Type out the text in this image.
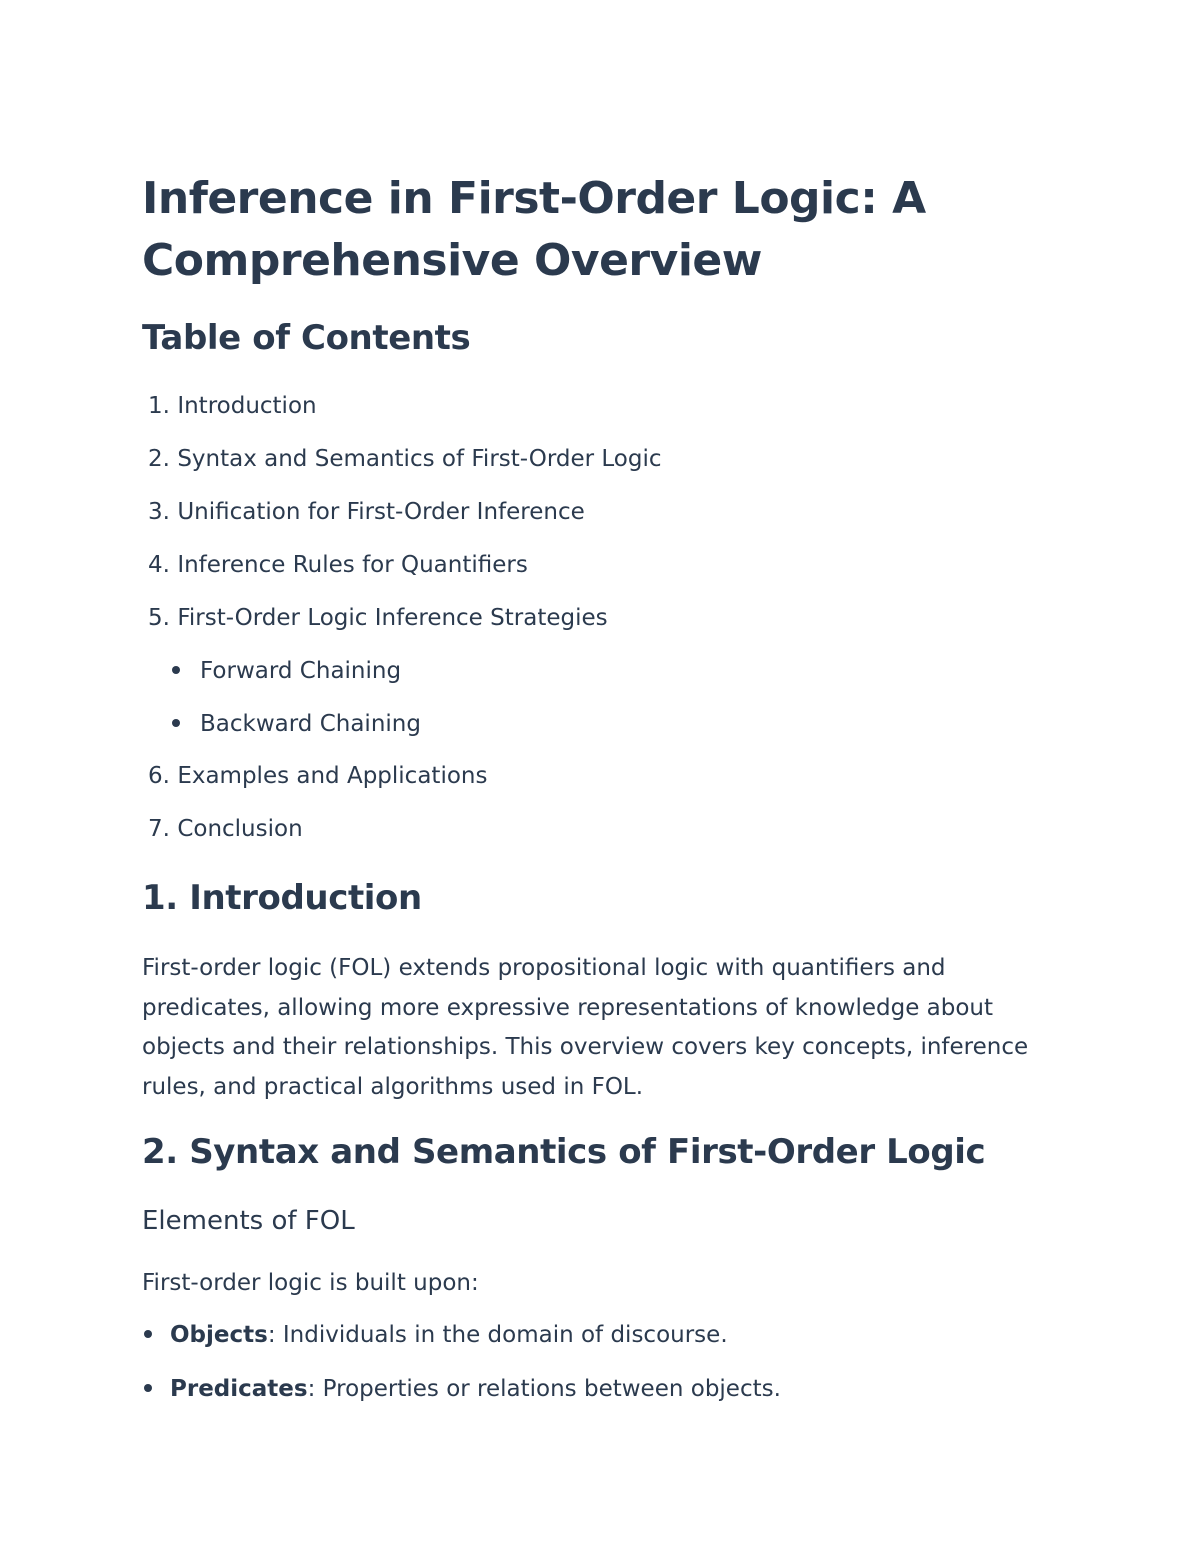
Inference in First-Order Logic: A Comprehensive Overview
Table of Contents
1. Introduction
2. Syntax and Semantics of First-Order Logic
3. Unification for First-Order Inference
4. Inference Rules for Quantifiers
5. First-Order Logic Inference Strategies
Forward Chaining
Backward Chaining
6. Examples and Applications
7. Conclusion
1. Introduction

First-order logic (FOL) extends propositional logic with quantifiers and predicates, allowing more expressive representations of knowledge about objects and their relationships. This overview covers key concepts, inference rules, and practical algorithms used in FOL.

2. Syntax and Semantics of First-Order Logic
Elements of FOL

First-order logic is built upon:

Objects: Individuals in the domain of discourse.
Predicates: Properties or relations between objects.
